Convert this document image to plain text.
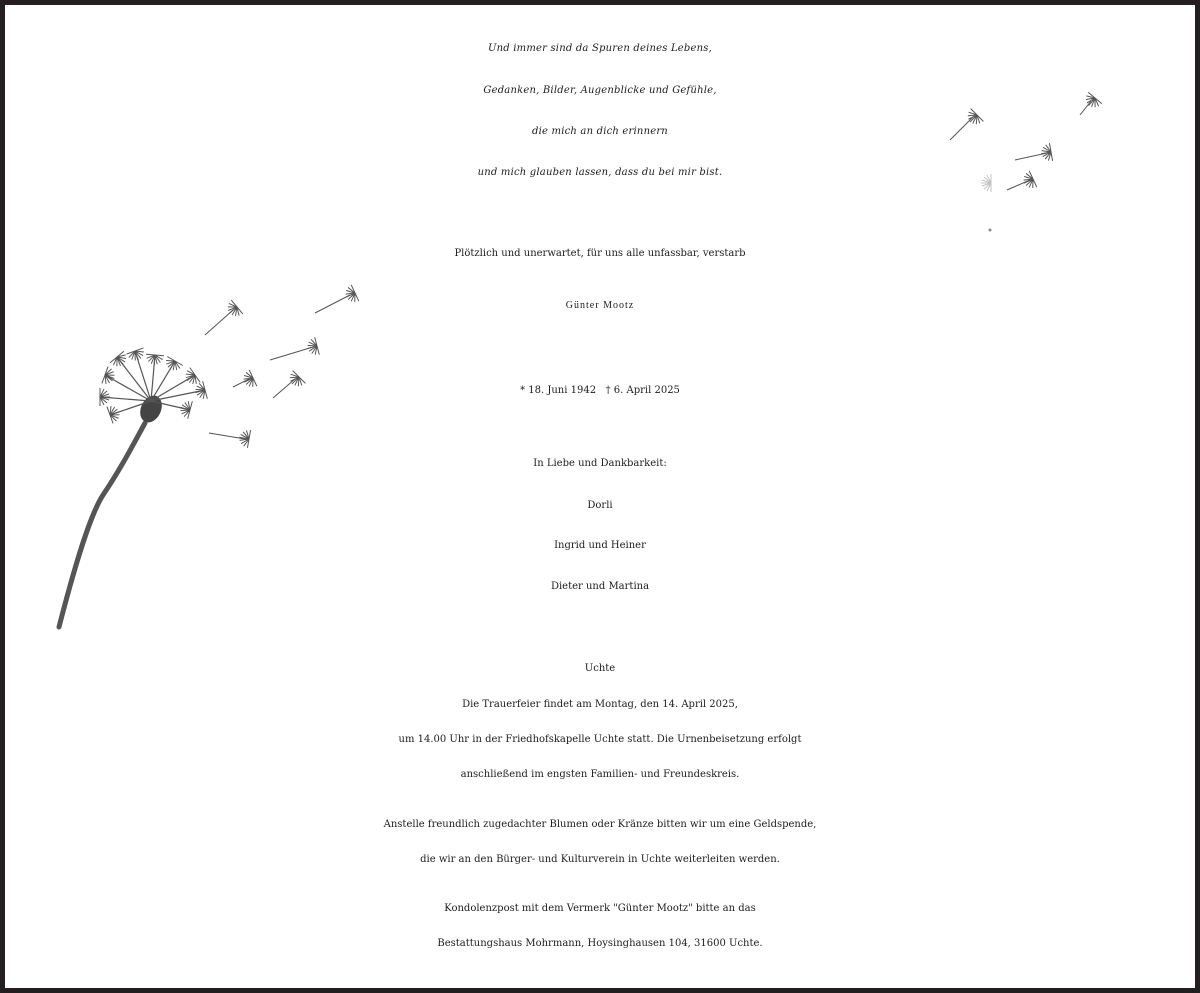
Und immer sind da Spuren deines Lebens,
Gedanken, Bilder, Augenblicke und Gefühle,
die mich an dich erinnern
und mich glauben lassen, dass du bei mir bist.
Plötzlich und unerwartet, für uns alle unfassbar, verstarb
Günter Mootz
* 18. Juni 1942   † 6. April 2025
In Liebe und Dankbarkeit:
Dorli
Ingrid und Heiner
Dieter und Martina
Uchte
Die Trauerfeier findet am Montag, den 14. April 2025,
um 14.00 Uhr in der Friedhofskapelle Uchte statt. Die Urnenbeisetzung erfolgt
anschließend im engsten Familien- und Freundeskreis.
Anstelle freundlich zugedachter Blumen oder Kränze bitten wir um eine Geldspende,
die wir an den Bürger- und Kulturverein in Uchte weiterleiten werden.
Kondolenzpost mit dem Vermerk "Günter Mootz" bitte an das
Bestattungshaus Mohrmann, Hoysinghausen 104, 31600 Uchte.
